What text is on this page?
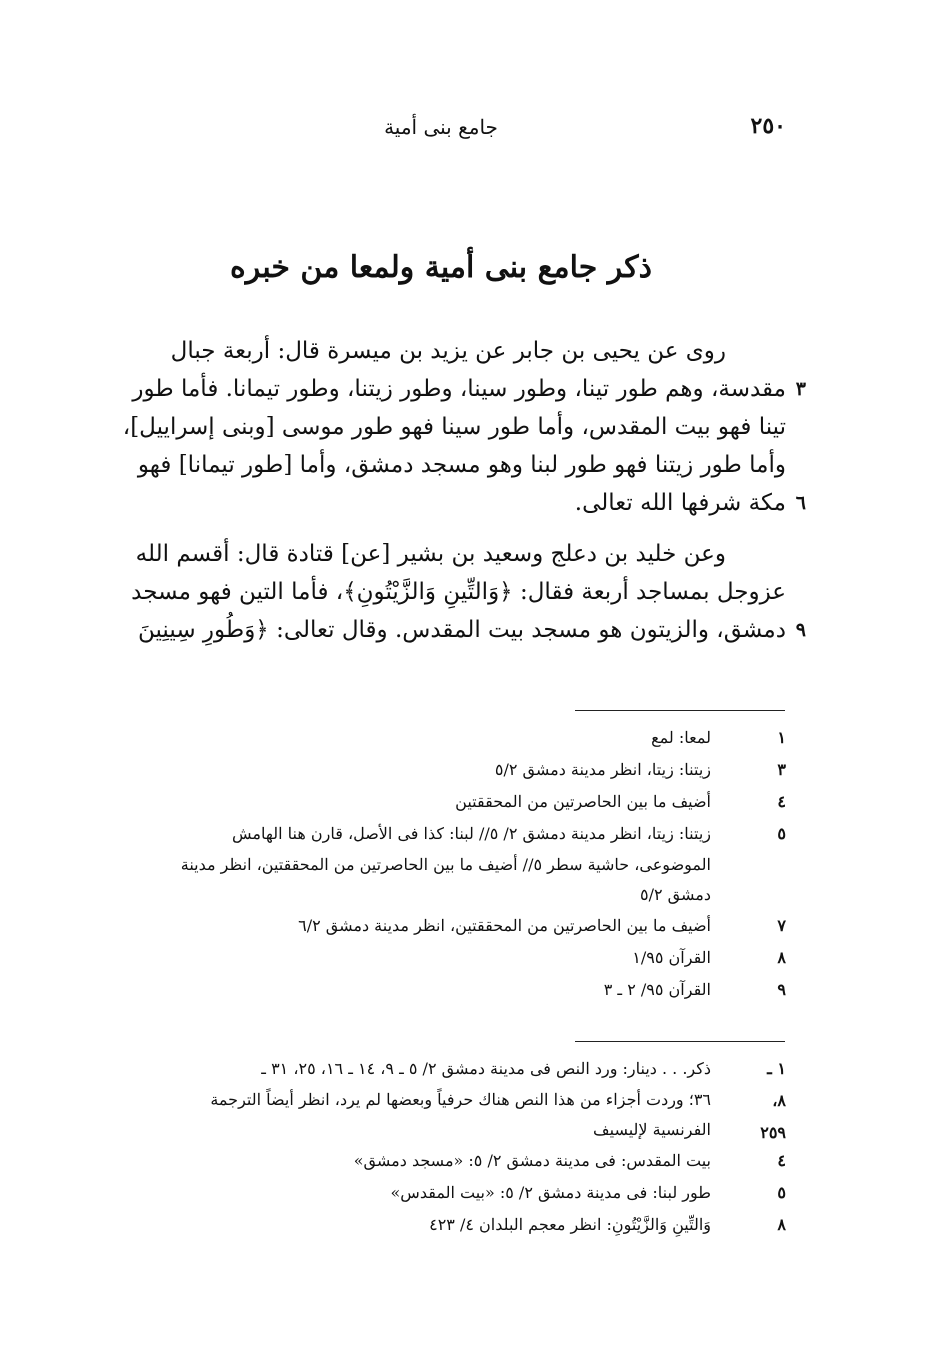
٢٥٠
جامع بنى أمية
ذكر جامع بنى أمية ولمعا من خبره

روى عن يحيى بن جابر عن يزيد بن ميسرة قال: أربعة جبال
مقدسة، وهم طور تينا، وطور سينا، وطور زيتنا، وطور تيمانا. فأما طور ٣
تينا فهو بيت المقدس، وأما طور سينا فهو طور موسى [وبنى إسراييل]،
وأما طور زيتنا فهو طور لبنا وهو مسجد دمشق، وأما [طور تيمانا] فهو
مكة شرفها الله تعالى. ٦

وعن خليد بن دعلج وسعيد بن بشير [عن] قتادة قال: أقسم الله
عزوجل بمساجد أربعة فقال: ﴿وَالتِّينِ وَالزَّيْتُونِ﴾، فأما التين فهو مسجد
دمشق، والزيتون هو مسجد بيت المقدس. وقال تعالى: ﴿وَطُورِ سِينِينَ ٩

١
لمعا: لمع
٣
زيتنا: زيتا، انظر مدينة دمشق ٥/٢
٤
أضيف ما بين الحاصرتين من المحققتين
٥
زيتنا: زيتا، انظر مدينة دمشق ٢/ ٥// لبنا: كذا فى الأصل، قارن هنا الهامش
الموضوعى، حاشية سطر ٥// أضيف ما بين الحاصرتين من المحققتين، انظر مدينة
دمشق ٥/٢
٧
أضيف ما بين الحاصرتين من المحققتين، انظر مدينة دمشق ٦/٢
٨
القرآن ١/٩٥
٩
القرآن ٩٥/ ٢ ـ ٣
١ ـ ٨، ٢٥٩
ذكر. . . دينار: ورد النص فى مدينة دمشق ٢/ ٥ ـ ٩، ١٤ ـ ١٦، ٢٥، ٣١ ـ
٣٦؛ وردت أجزاء من هذا النص هناك حرفياً وبعضها لم يرد، انظر أيضاً الترجمة
الفرنسية لإليسيف
٤
بيت المقدس: فى مدينة دمشق ٢/ ٥: «مسجد دمشق»
٥
طور لبنا: فى مدينة دمشق ٢/ ٥: «بيت المقدس»
٨
وَالتِّينِ وَالزَّيْتُونِ: انظر معجم البلدان ٤/ ٤٢٣
